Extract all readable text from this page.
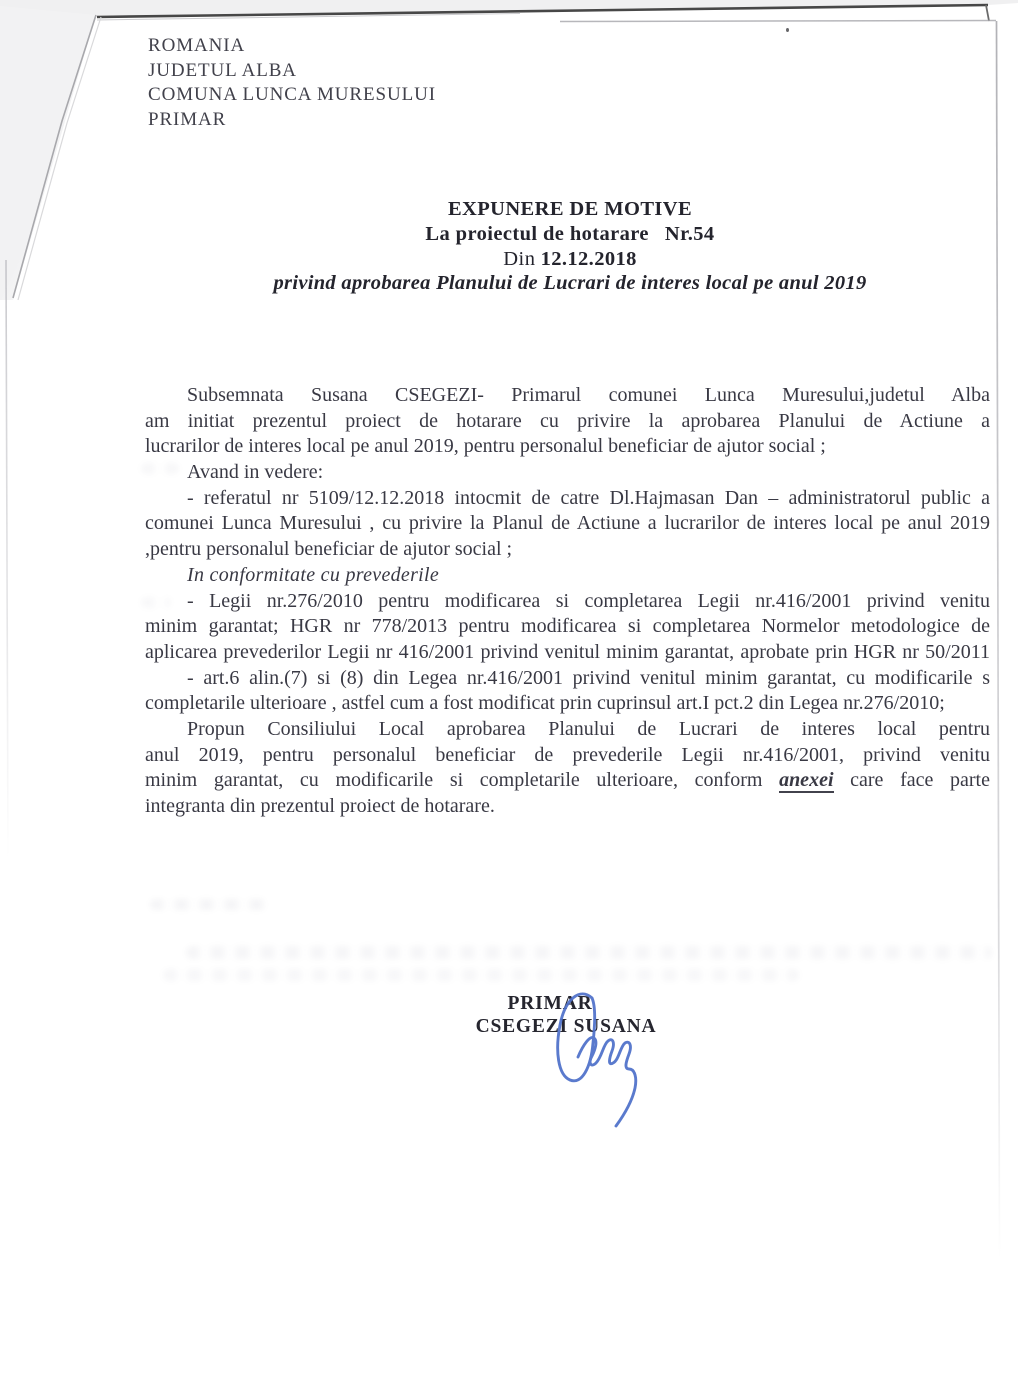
ROMANIA
JUDETUL ALBA
COMUNA LUNCA MURESULUI
PRIMAR
EXPUNERE DE MOTIVE
La proiectul de hotarare Nr.54
Din 12.12.2018
privind aprobarea Planului de Lucrari de interes local pe anul 2019
Subsemnata Susana CSEGEZI- Primarul comunei Lunca Muresului,judetul Alba
am initiat prezentul proiect de hotarare cu privire la aprobarea Planului de Actiune a
lucrarilor de interes local pe anul 2019, pentru personalul beneficiar de ajutor social ;
Avand in vedere:
- referatul nr 5109/12.12.2018 intocmit de catre Dl.Hajmasan Dan – administratorul public a
comunei Lunca Muresului , cu privire la Planul de Actiune a lucrarilor de interes local pe anul 2019
,pentru personalul beneficiar de ajutor social ;
In conformitate cu prevederile
- Legii nr.276/2010 pentru modificarea si completarea Legii nr.416/2001 privind venitu
minim garantat; HGR nr 778/2013 pentru modificarea si completarea Normelor metodologice de
aplicarea prevederilor Legii nr 416/2001 privind venitul minim garantat, aprobate prin HGR nr 50/2011
- art.6 alin.(7) si (8) din Legea nr.416/2001 privind venitul minim garantat, cu modificarile s
completarile ulterioare , astfel cum a fost modificat prin cuprinsul art.I pct.2 din Legea nr.276/2010;
Propun Consiliului Local aprobarea Planului de Lucrari de interes local pentru
anul 2019, pentru personalul beneficiar de prevederile Legii nr.416/2001, privind venitu
minim garantat, cu modificarile si completarile ulterioare, conform anexei care face parte
integranta din prezentul proiect de hotarare.
PRIMAR
CSEGEZI SUSANA
